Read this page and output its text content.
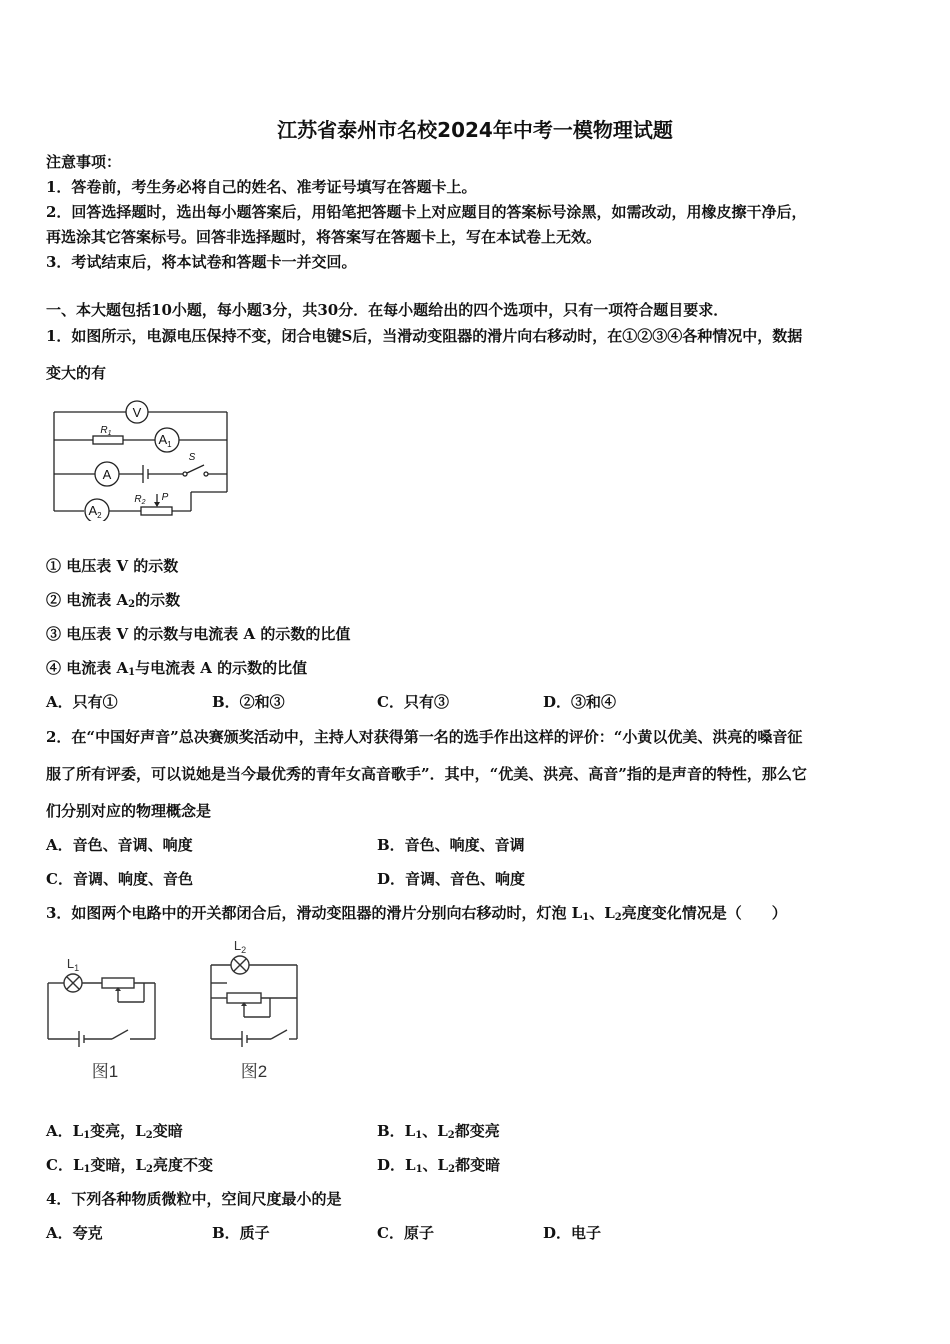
江苏省泰州市名校2024年中考一模物理试题
注意事项：
1．答卷前，考生务必将自己的姓名、准考证号填写在答题卡上。
2．回答选择题时，选出每小题答案后，用铅笔把答题卡上对应题目的答案标号涂黑，如需改动，用橡皮擦干净后，
再选涂其它答案标号。回答非选择题时，将答案写在答题卡上，写在本试卷上无效。
3．考试结束后，将本试卷和答题卡一并交回。
一、本大题包括10小题，每小题3分，共30分．在每小题给出的四个选项中，只有一项符合题目要求．
1．如图所示，电源电压保持不变，闭合电键S后，当滑动变阻器的滑片向右移动时，在①②③④各种情况中，数据
变大的有
V
$R_1$	$A_1$
A
S
$A_2$
$R_2$ P
① 电压表 V 的示数
② 电流表 $A_2$的示数
③ 电压表 V 的示数与电流表 A 的示数的比值
④ 电流表 $A_1$与电流表 A 的示数的比值
A．只有①	B．②和③	C．只有③	D．③和④
2．在“中国好声音”总决赛颁奖活动中，主持人对获得第一名的选手作出这样的评价：“小黄以优美、洪亮的嗓音征
服了所有评委，可以说她是当今最优秀的青年女高音歌手”．其中，“优美、洪亮、高音”指的是声音的特性，那么它
们分别对应的物理概念是
A．音色、音调、响度	B．音色、响度、音调
C．音调、响度、音色	D．音调、音色、响度
3．如图两个电路中的开关都闭合后，滑动变阻器的滑片分别向右移动时，灯泡 $L_1$、$L_2$亮度变化情况是（　　）
$L_1$
$L_2$
图1	图2
A．$L_1$变亮，$L_2$变暗	B．$L_1$、$L_2$都变亮
C．$L_1$变暗，$L_2$亮度不变	D．$L_1$、$L_2$都变暗
4．下列各种物质微粒中，空间尺度最小的是
A．夸克	B．质子	C．原子	D．电子
